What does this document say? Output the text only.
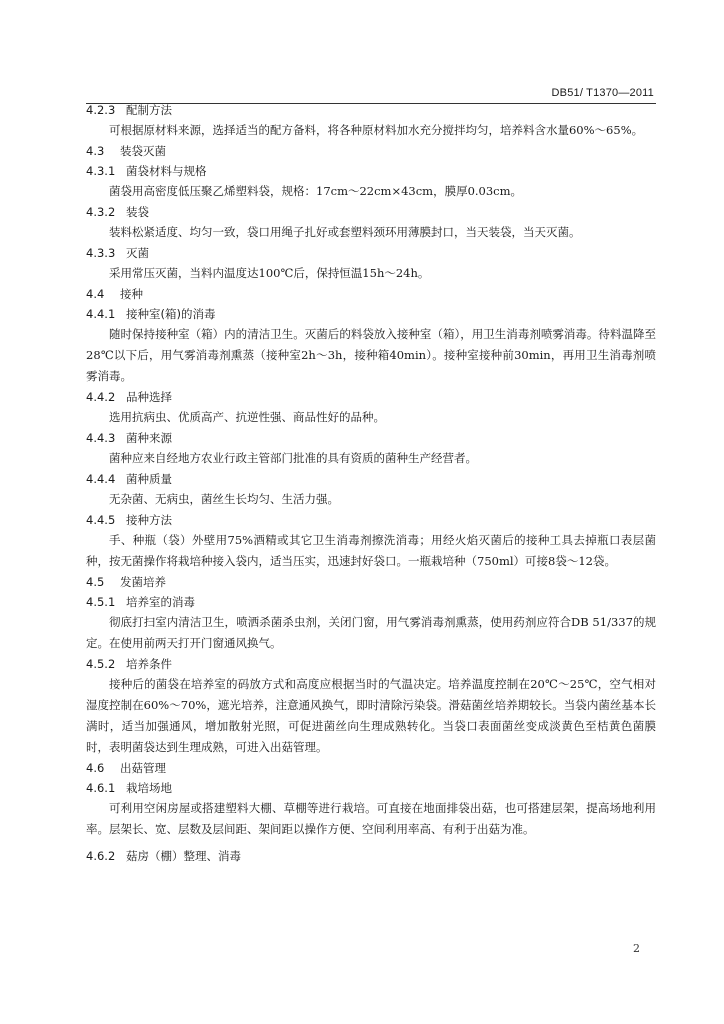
DB51/ T1370—2011
4.2.3 配制方法

可根据原材料来源，选择适当的配方备料，将各种原材料加水充分搅拌均匀，培养料含水量60%～65%。

4.3 装袋灭菌
4.3.1 菌袋材料与规格

菌袋用高密度低压聚乙烯塑料袋，规格：17cm～22cm×43cm，膜厚0.03cm。

4.3.2 装袋

装料松紧适度、均匀一致，袋口用绳子扎好或套塑料颈环用薄膜封口，当天装袋，当天灭菌。

4.3.3 灭菌

采用常压灭菌，当料内温度达100℃后，保持恒温15h～24h。

4.4 接种
4.4.1 接种室(箱)的消毒

随时保持接种室（箱）内的清洁卫生。灭菌后的料袋放入接种室（箱），用卫生消毒剂喷雾消毒。待料温降至28℃以下后，用气雾消毒剂熏蒸（接种室2h～3h，接种箱40min）。接种室接种前30min，再用卫生消毒剂喷雾消毒。

4.4.2 品种选择

选用抗病虫、优质高产、抗逆性强、商品性好的品种。

4.4.3 菌种来源

菌种应来自经地方农业行政主管部门批准的具有资质的菌种生产经营者。

4.4.4 菌种质量

无杂菌、无病虫，菌丝生长均匀、生活力强。

4.4.5 接种方法

手、种瓶（袋）外壁用75%酒精或其它卫生消毒剂擦洗消毒；用经火焰灭菌后的接种工具去掉瓶口表层菌种，按无菌操作将栽培种接入袋内，适当压实，迅速封好袋口。一瓶栽培种（750ml）可接8袋～12袋。

4.5 发菌培养
4.5.1 培养室的消毒

彻底打扫室内清洁卫生，喷洒杀菌杀虫剂，关闭门窗，用气雾消毒剂熏蒸，使用药剂应符合DB 51/337的规定。在使用前两天打开门窗通风换气。

4.5.2 培养条件

接种后的菌袋在培养室的码放方式和高度应根据当时的气温决定。培养温度控制在20℃～25℃，空气相对湿度控制在60%～70%，遮光培养，注意通风换气，即时清除污染袋。滑菇菌丝培养期较长。当袋内菌丝基本长满时，适当加强通风，增加散射光照，可促进菌丝向生理成熟转化。当袋口表面菌丝变成淡黄色至桔黄色菌膜时，表明菌袋达到生理成熟，可进入出菇管理。

4.6 出菇管理
4.6.1 栽培场地

可利用空闲房屋或搭建塑料大棚、草棚等进行栽培。可直接在地面排袋出菇，也可搭建层架，提高场地利用率。层架长、宽、层数及层间距、架间距以操作方便、空间利用率高、有利于出菇为准。

4.6.2 菇房（棚）整理、消毒
2
